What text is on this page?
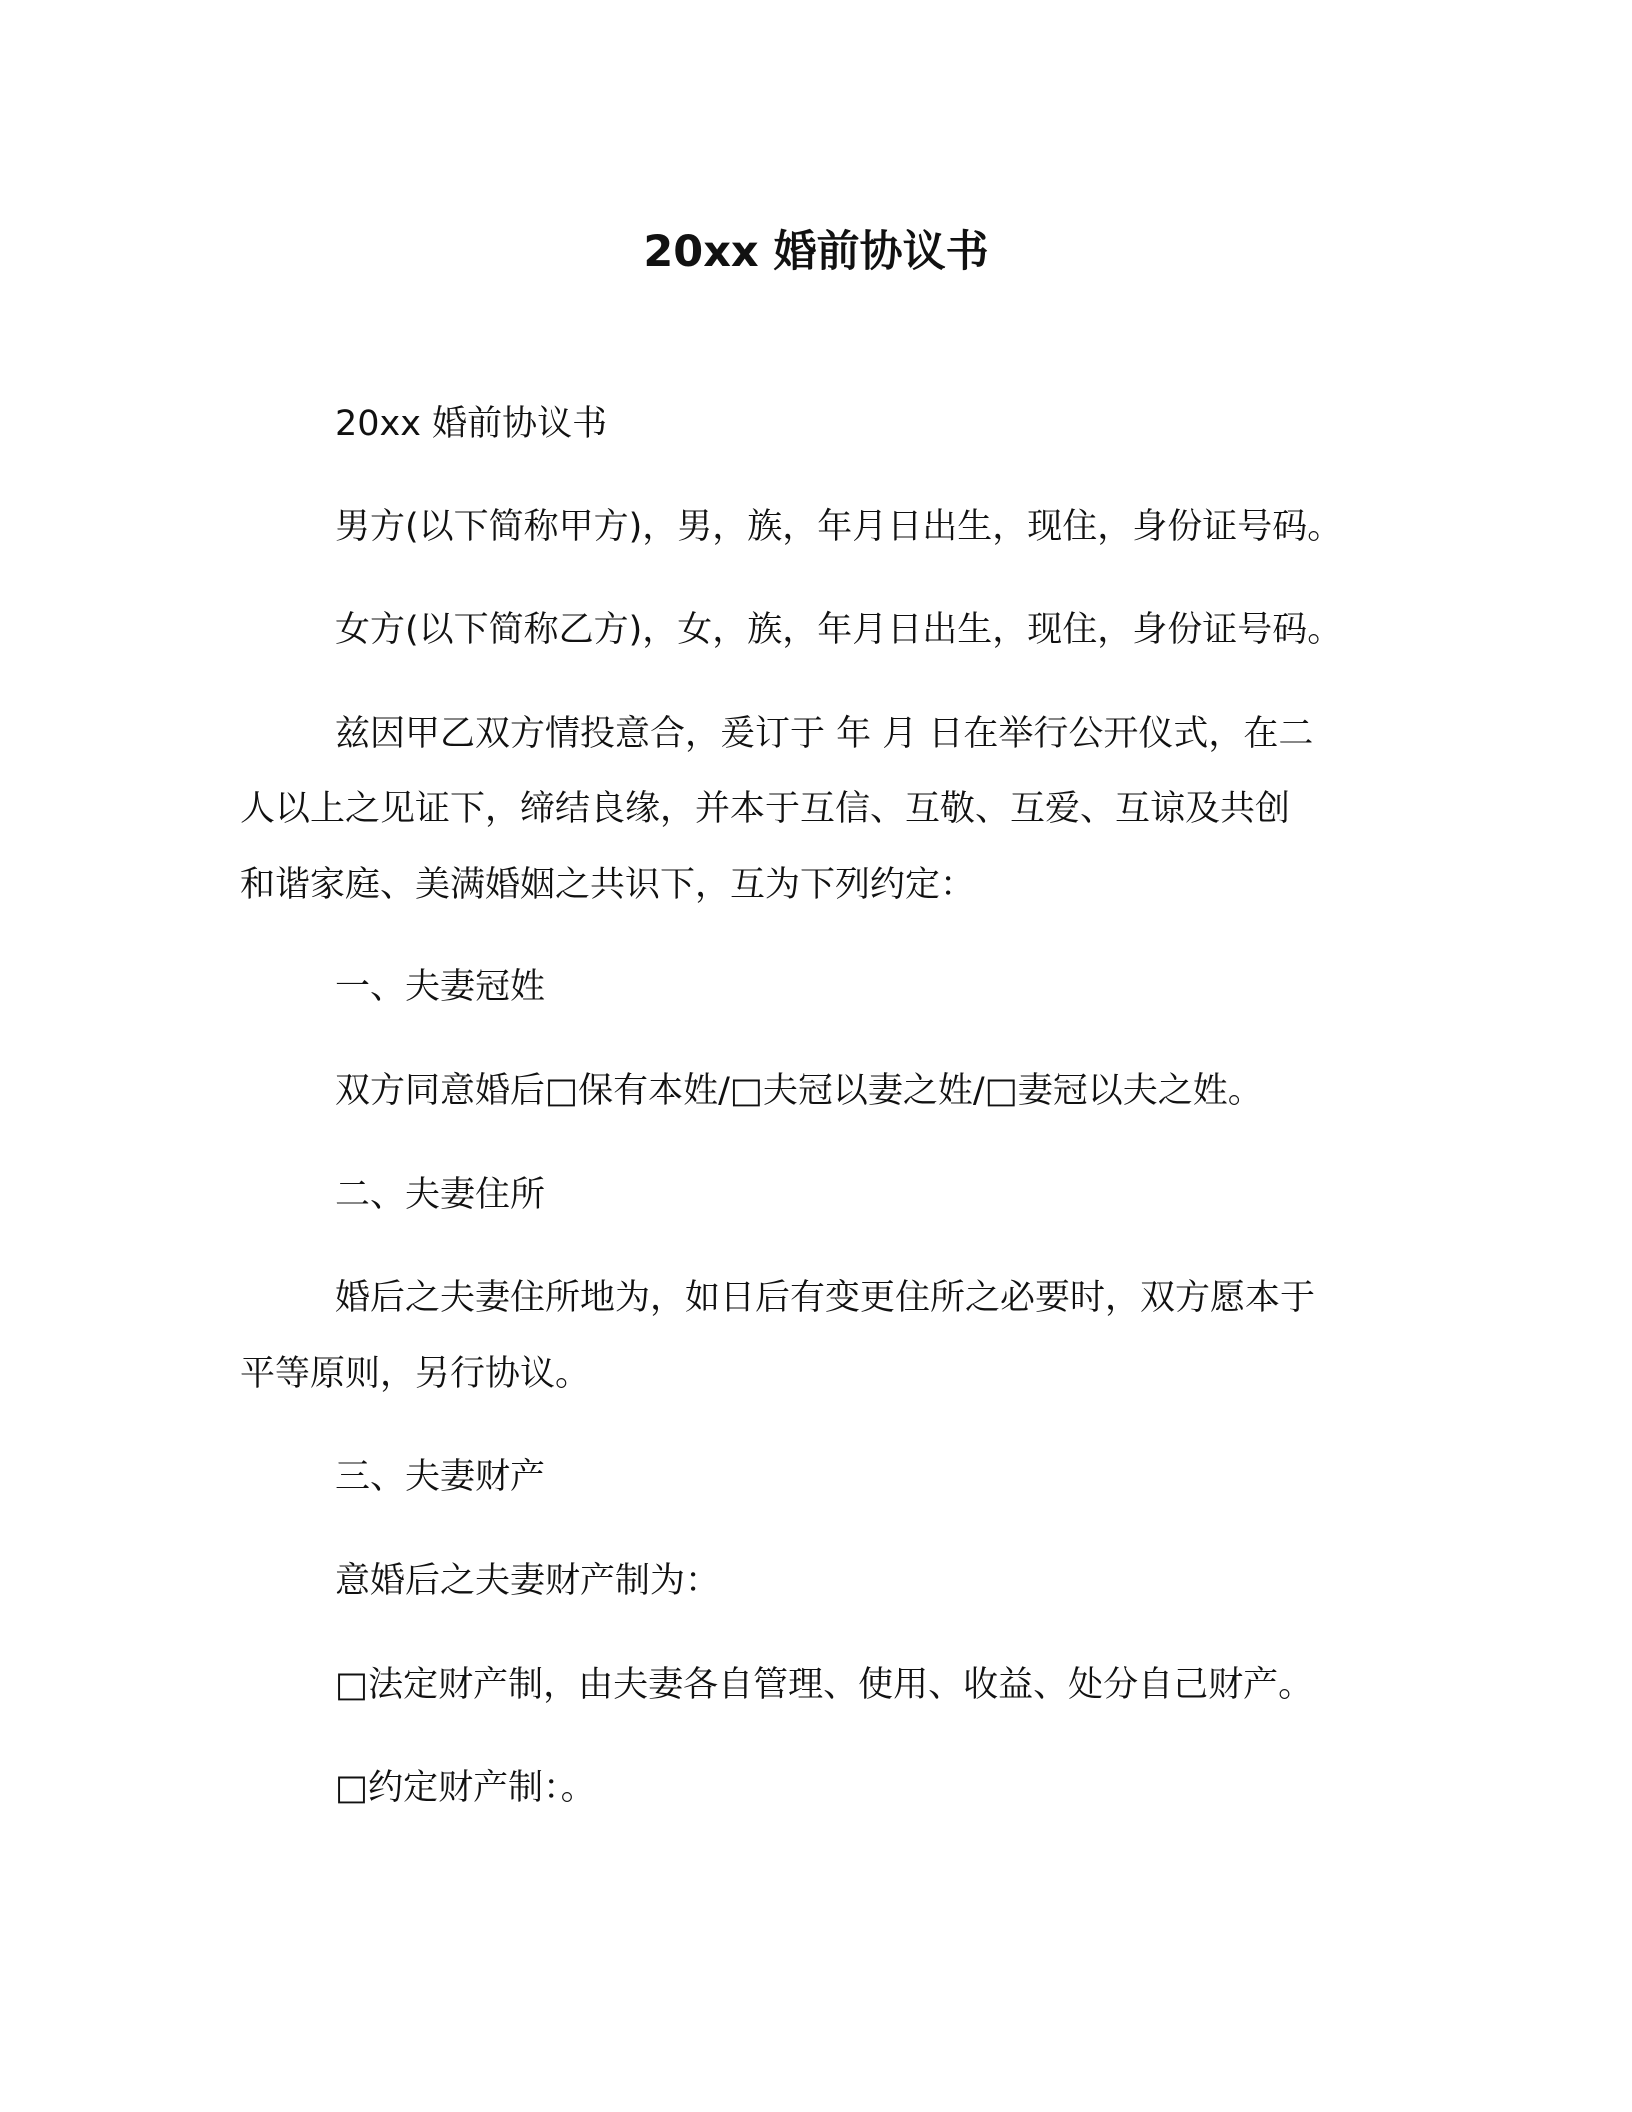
20xx 婚前协议书
20xx 婚前协议书
男方(以下简称甲方)，男，族，年月日出生，现住，身份证号码。
女方(以下简称乙方)，女，族，年月日出生，现住，身份证号码。
兹因甲乙双方情投意合，爰订于 年 月 日在举行公开仪式，在二
人以上之见证下，缔结良缘，并本于互信、互敬、互爱、互谅及共创
和谐家庭、美满婚姻之共识下，互为下列约定：
一、夫妻冠姓
双方同意婚后□保有本姓/□夫冠以妻之姓/□妻冠以夫之姓。
二、夫妻住所
婚后之夫妻住所地为，如日后有变更住所之必要时，双方愿本于
平等原则，另行协议。
三、夫妻财产
意婚后之夫妻财产制为：
□法定财产制，由夫妻各自管理、使用、收益、处分自己财产。
□约定财产制：。
